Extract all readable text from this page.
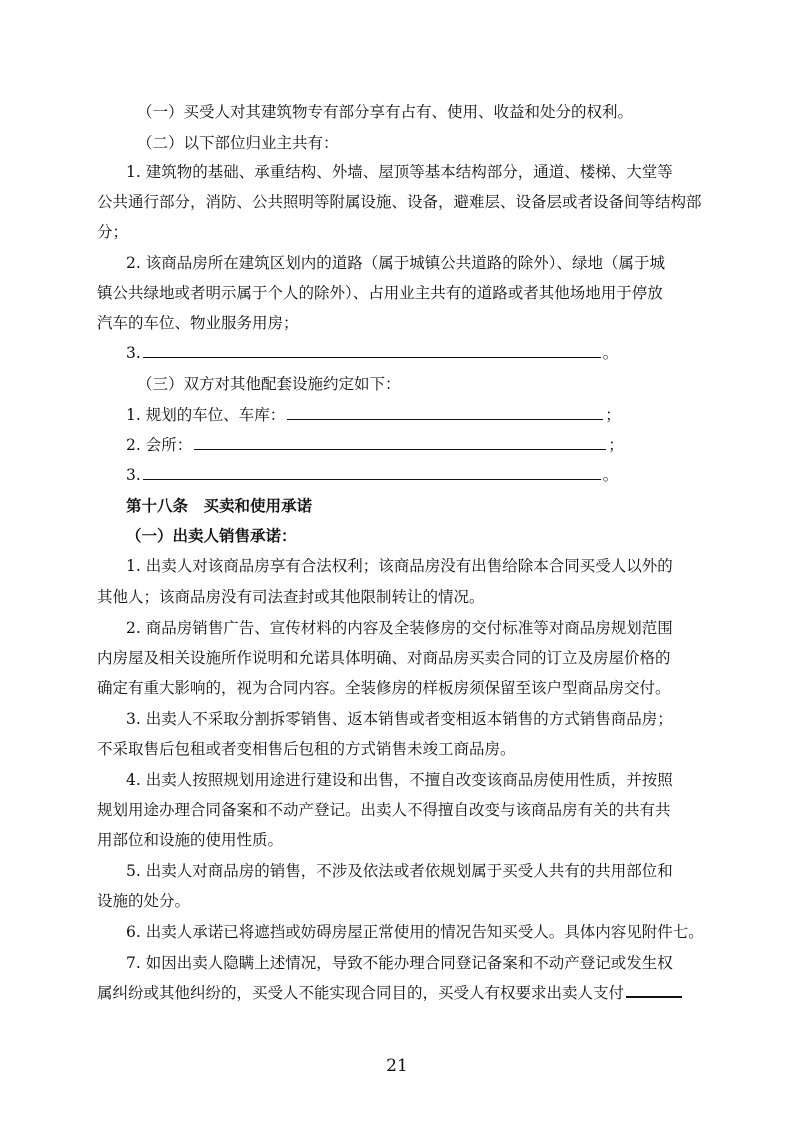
（一）买受人对其建筑物专有部分享有占有、使用、收益和处分的权利。
（二）以下部位归业主共有：
1. 建筑物的基础、承重结构、外墙、屋顶等基本结构部分，通道、楼梯、大堂等
公共通行部分，消防、公共照明等附属设施、设备，避难层、设备层或者设备间等结构部
分；
2. 该商品房所在建筑区划内的道路（属于城镇公共道路的除外）、绿地（属于城
镇公共绿地或者明示属于个人的除外）、占用业主共有的道路或者其他场地用于停放
汽车的车位、物业服务用房；
3.	。
（三）双方对其他配套设施约定如下：
1. 规划的车位、车库：	；
2. 会所：	；
3.	。
第十八条　买卖和使用承诺
（一）出卖人销售承诺：
1. 出卖人对该商品房享有合法权利；该商品房没有出售给除本合同买受人以外的
其他人；该商品房没有司法查封或其他限制转让的情况。
2. 商品房销售广告、宣传材料的内容及全装修房的交付标准等对商品房规划范围
内房屋及相关设施所作说明和允诺具体明确、对商品房买卖合同的订立及房屋价格的
确定有重大影响的，视为合同内容。全装修房的样板房须保留至该户型商品房交付。
3. 出卖人不采取分割拆零销售、返本销售或者变相返本销售的方式销售商品房；
不采取售后包租或者变相售后包租的方式销售未竣工商品房。
4. 出卖人按照规划用途进行建设和出售，不擅自改变该商品房使用性质，并按照
规划用途办理合同备案和不动产登记。出卖人不得擅自改变与该商品房有关的共有共
用部位和设施的使用性质。
5. 出卖人对商品房的销售，不涉及依法或者依规划属于买受人共有的共用部位和
设施的处分。
6. 出卖人承诺已将遮挡或妨碍房屋正常使用的情况告知买受人。具体内容见附件七。
7. 如因出卖人隐瞒上述情况，导致不能办理合同登记备案和不动产登记或发生权
属纠纷或其他纠纷的，买受人不能实现合同目的，买受人有权要求出卖人支付
21
